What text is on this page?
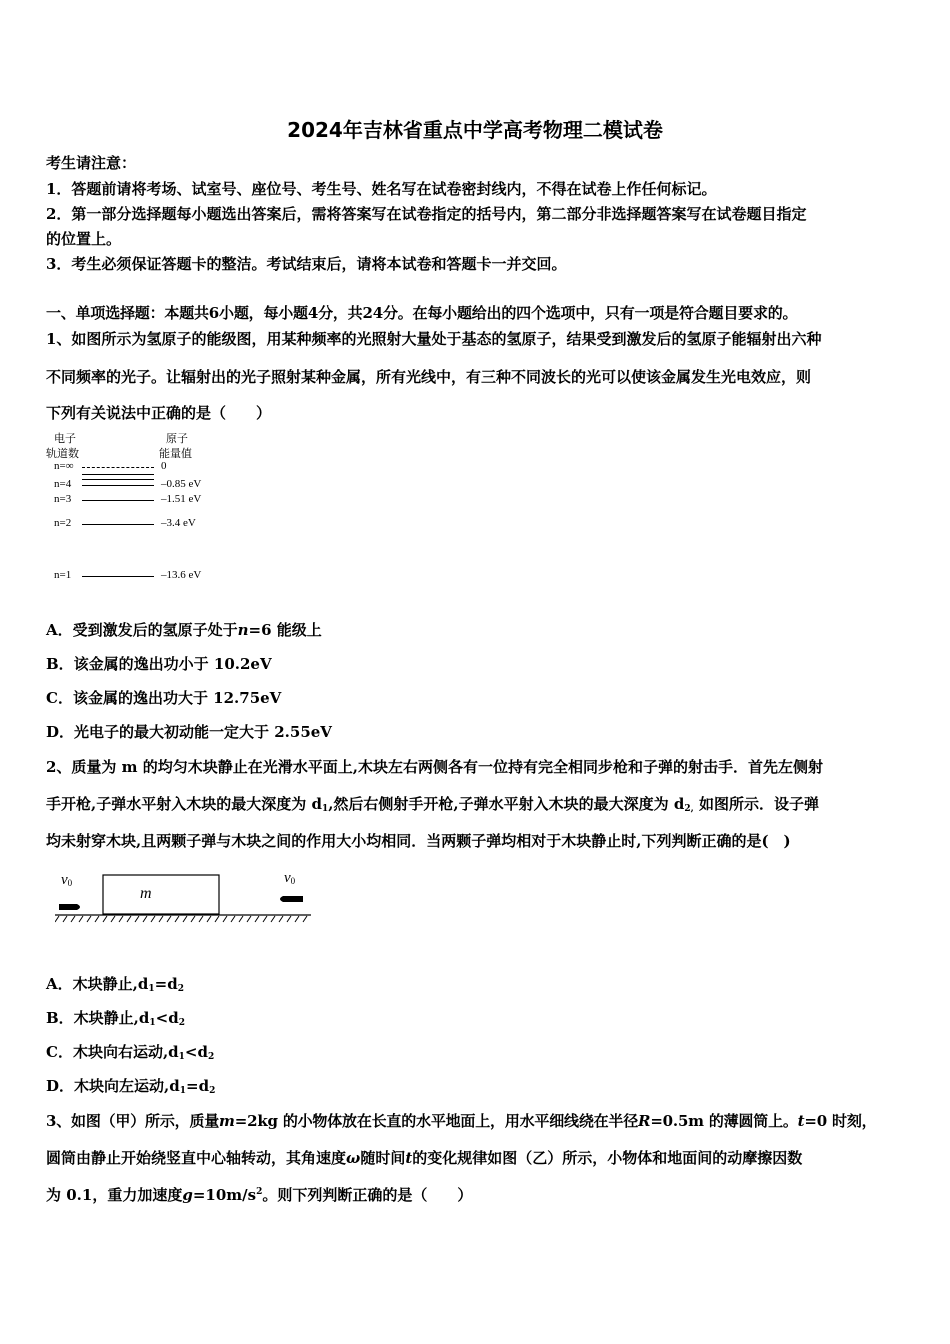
2024年吉林省重点中学高考物理二模试卷
考生请注意：
1．答题前请将考场、试室号、座位号、考生号、姓名写在试卷密封线内，不得在试卷上作任何标记。
2．第一部分选择题每小题选出答案后，需将答案写在试卷指定的括号内，第二部分非选择题答案写在试卷题目指定
的位置上。
3．考生必须保证答题卡的整洁。考试结束后，请将本试卷和答题卡一并交回。
一、单项选择题：本题共6小题，每小题4分，共24分。在每小题给出的四个选项中，只有一项是符合题目要求的。
1、如图所示为氢原子的能级图，用某种频率的光照射大量处于基态的氢原子，结果受到激发后的氢原子能辐射出六种
不同频率的光子。让辐射出的光子照射某种金属，所有光线中，有三种不同波长的光可以使该金属发生光电效应，则
下列有关说法中正确的是（　　）
电子
轨道数
原子
能量值
n=∞	0
n=4	–0.85 eV
n=3	–1.51 eV
n=2	–3.4 eV
n=1	–13.6 eV
A．受到激发后的氢原子处于n=6 能级上
B．该金属的逸出功小于 10.2eV
C．该金属的逸出功大于 12.75eV
D．光电子的最大初动能一定大于 2.55eV
2、质量为 m 的均匀木块静止在光滑水平面上,木块左右两侧各有一位持有完全相同步枪和子弹的射击手．首先左侧射
手开枪,子弹水平射入木块的最大深度为 $d_1$,然后右侧射手开枪,子弹水平射入木块的最大深度为 $d_{2,}$ 如图所示．设子弹
均未射穿木块,且两颗子弹与木块之间的作用大小均相同．当两颗子弹均相对于木块静止时,下列判断正确的是(　)
$v_0$
m
$v_0$
A．木块静止$,d_1=d_2$
B．木块静止$,d_1<d_2$
C．木块向右运动$,d_1<d_2$
D．木块向左运动$,d_1=d_2$
3、如图（甲）所示，质量m=2kg 的小物体放在长直的水平地面上，用水平细线绕在半径R=0.5m 的薄圆筒上。t=0 时刻，
圆筒由静止开始绕竖直中心轴转动，其角速度ω随时间t的变化规律如图（乙）所示，小物体和地面间的动摩擦因数
为 0.1，重力加速度$g=10m/s^2$。则下列判断正确的是（　　）
